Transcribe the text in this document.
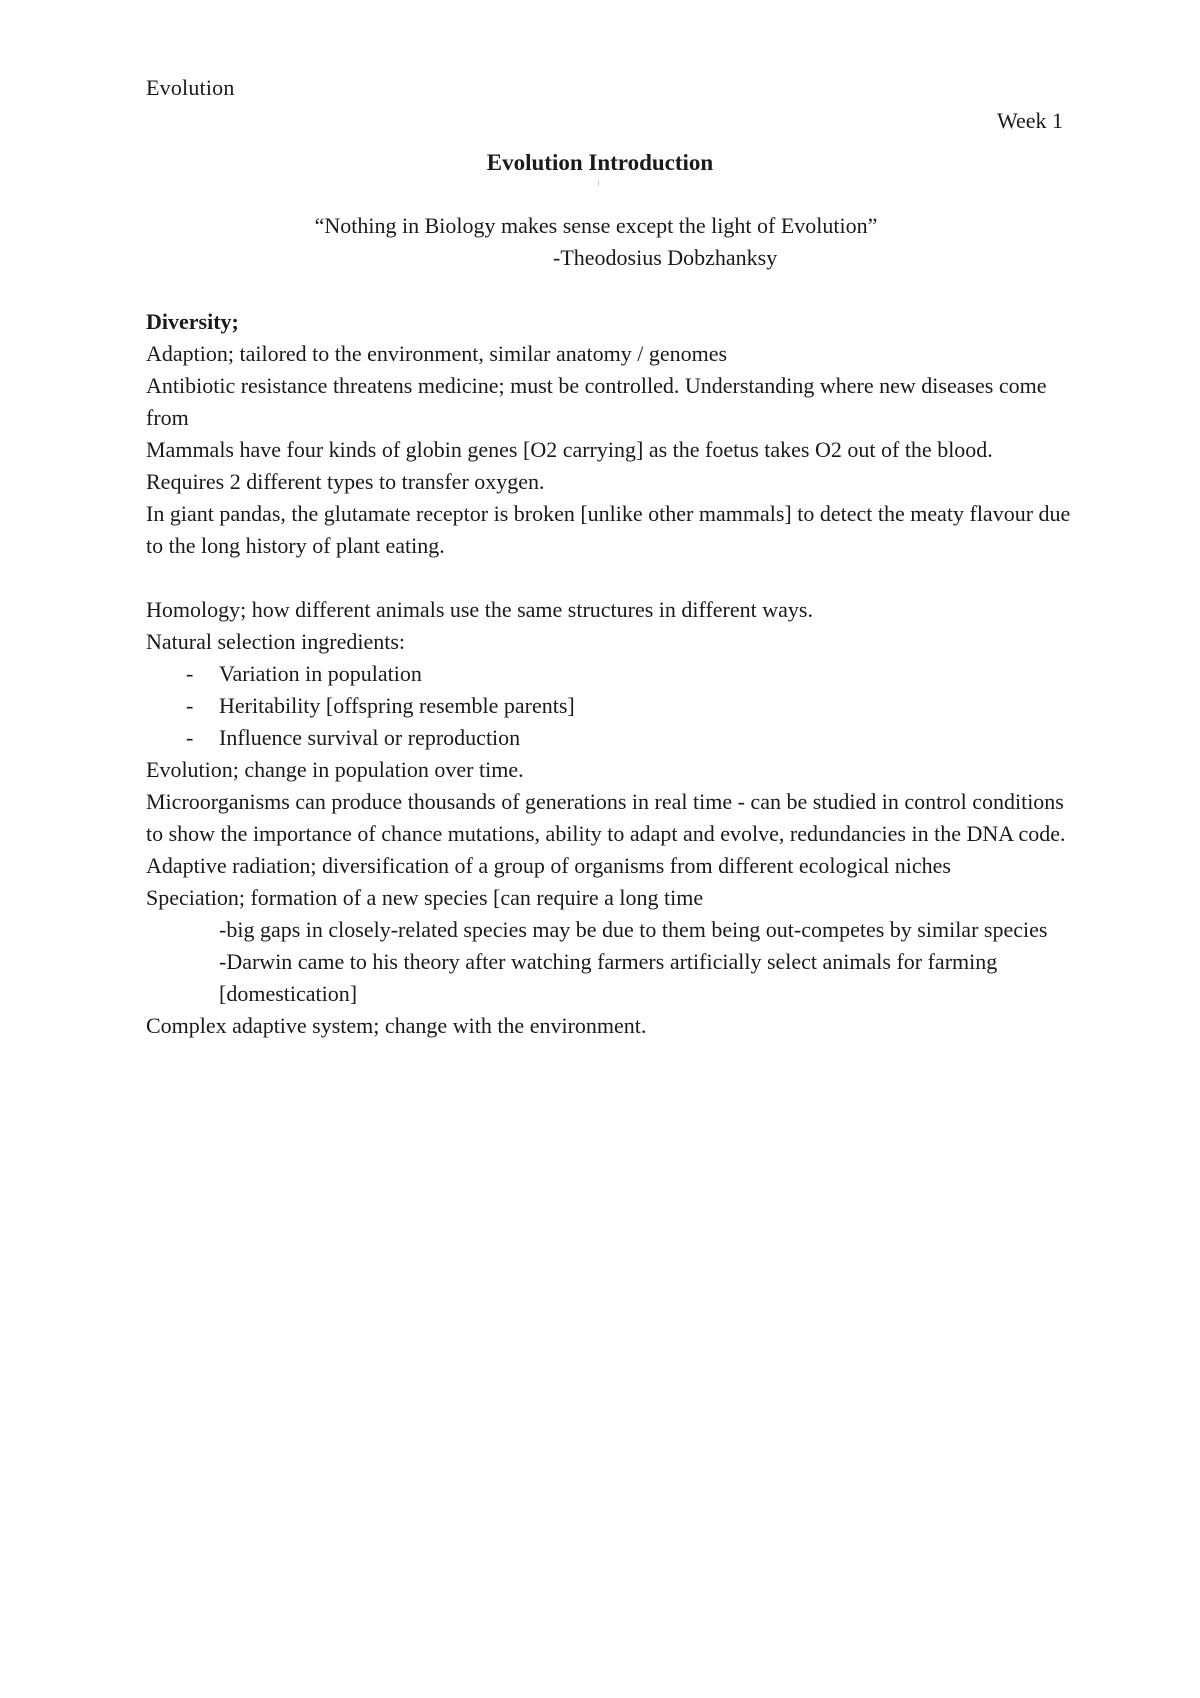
Evolution
Week 1
Evolution Introduction
“Nothing in Biology makes sense except the light of Evolution”
-Theodosius Dobzhanksy

Diversity;

Adaption; tailored to the environment, similar anatomy / genomes

Antibiotic resistance threatens medicine; must be controlled. Understanding where new diseases come from

Mammals have four kinds of globin genes [O2 carrying] as the foetus takes O2 out of the blood. Requires 2 different types to transfer oxygen.

In giant pandas, the glutamate receptor is broken [unlike other mammals] to detect the meaty flavour due to the long history of plant eating.

Homology; how different animals use the same structures in different ways.

Natural selection ingredients:

- Variation in population
- Heritability [offspring resemble parents]
- Influence survival or reproduction

Evolution; change in population over time.

Microorganisms can produce thousands of generations in real time - can be studied in control conditions to show the importance of chance mutations, ability to adapt and evolve, redundancies in the DNA code.

Adaptive radiation; diversification of a group of organisms from different ecological niches

Speciation; formation of a new species [can require a long time

-big gaps in closely-related species may be due to them being out-competes by similar species

-Darwin came to his theory after watching farmers artificially select animals for farming [domestication]

Complex adaptive system; change with the environment.
